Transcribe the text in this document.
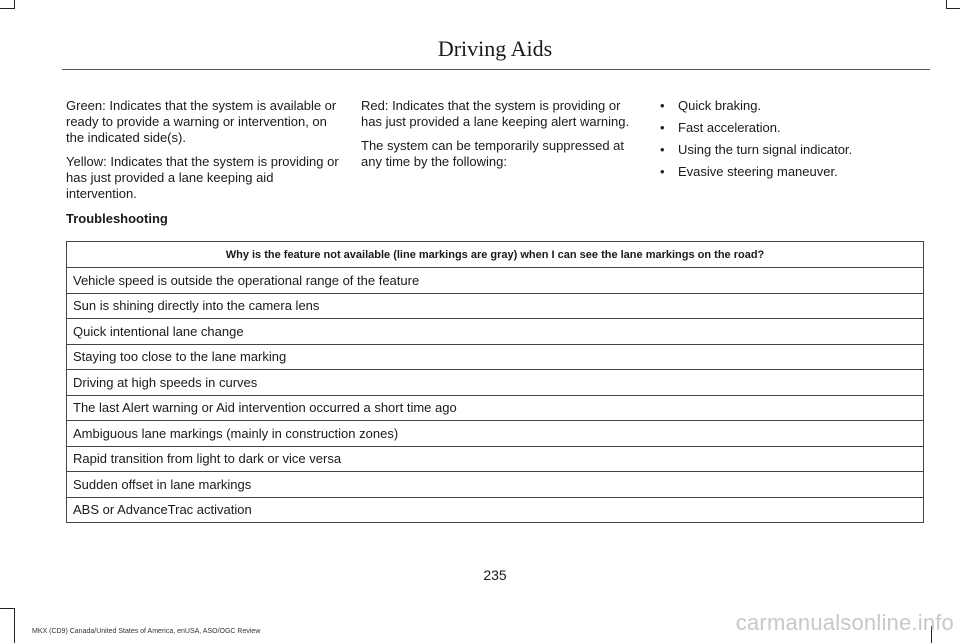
Driving Aids

Green: Indicates that the system is available or ready to provide a warning or intervention, on the indicated side(s).

Yellow: Indicates that the system is providing or has just provided a lane keeping aid intervention.

Red: Indicates that the system is providing or has just provided a lane keeping alert warning.

The system can be temporarily suppressed at any time by the following:

• Quick braking.
• Fast acceleration.
• Using the turn signal indicator.
• Evasive steering maneuver.
Troubleshooting
Why is the feature not available (line markings are gray) when I can see the lane markings on the road?
Vehicle speed is outside the operational range of the feature
Sun is shining directly into the camera lens
Quick intentional lane change
Staying too close to the lane marking
Driving at high speeds in curves
The last Alert warning or Aid intervention occurred a short time ago
Ambiguous lane markings (mainly in construction zones)
Rapid transition from light to dark or vice versa
Sudden offset in lane markings
ABS or AdvanceTrac activation
235
MKX (CD9) Canada/United States of America, enUSA, ASO/OGC Review	carmanualsonline.info
